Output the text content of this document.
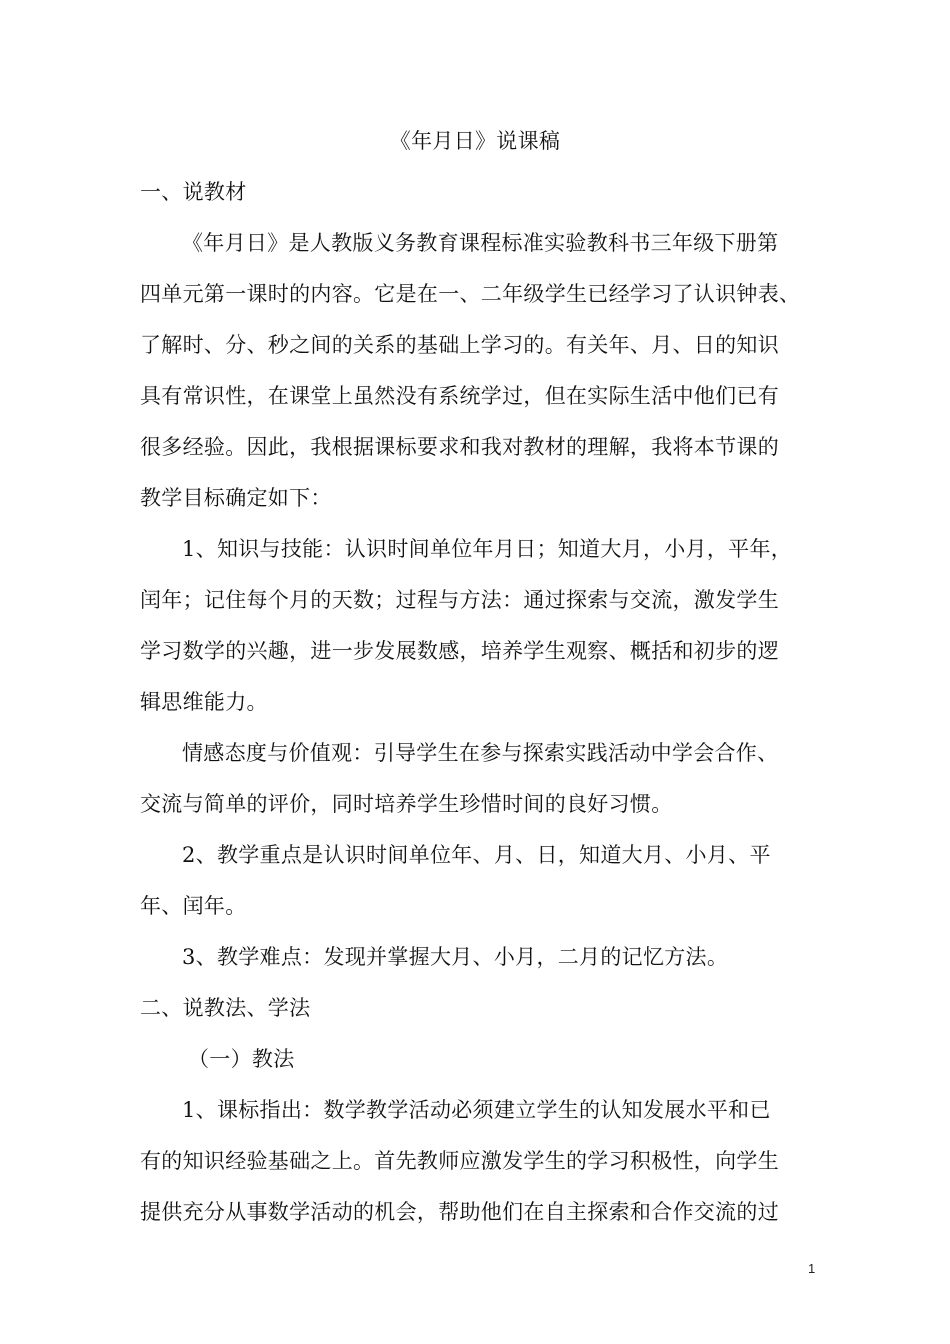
《年月日》说课稿
一、说教材
《年月日》是人教版义务教育课程标准实验教科书三年级下册第
四单元第一课时的内容。它是在一、二年级学生已经学习了认识钟表、
了解时、分、秒之间的关系的基础上学习的。有关年、月、日的知识
具有常识性，在课堂上虽然没有系统学过，但在实际生活中他们已有
很多经验。因此，我根据课标要求和我对教材的理解，我将本节课的
教学目标确定如下：
1、知识与技能：认识时间单位年月日；知道大月，小月，平年，
闰年；记住每个月的天数；过程与方法：通过探索与交流，激发学生
学习数学的兴趣，进一步发展数感，培养学生观察、概括和初步的逻
辑思维能力。
情感态度与价值观：引导学生在参与探索实践活动中学会合作、
交流与简单的评价，同时培养学生珍惜时间的良好习惯。
2、教学重点是认识时间单位年、月、日，知道大月、小月、平
年、闰年。
3、教学难点：发现并掌握大月、小月，二月的记忆方法。
二、说教法、学法
（一）教法
1、课标指出：数学教学活动必须建立学生的认知发展水平和已
有的知识经验基础之上。首先教师应激发学生的学习积极性，向学生
提供充分从事数学活动的机会，帮助他们在自主探索和合作交流的过
1
